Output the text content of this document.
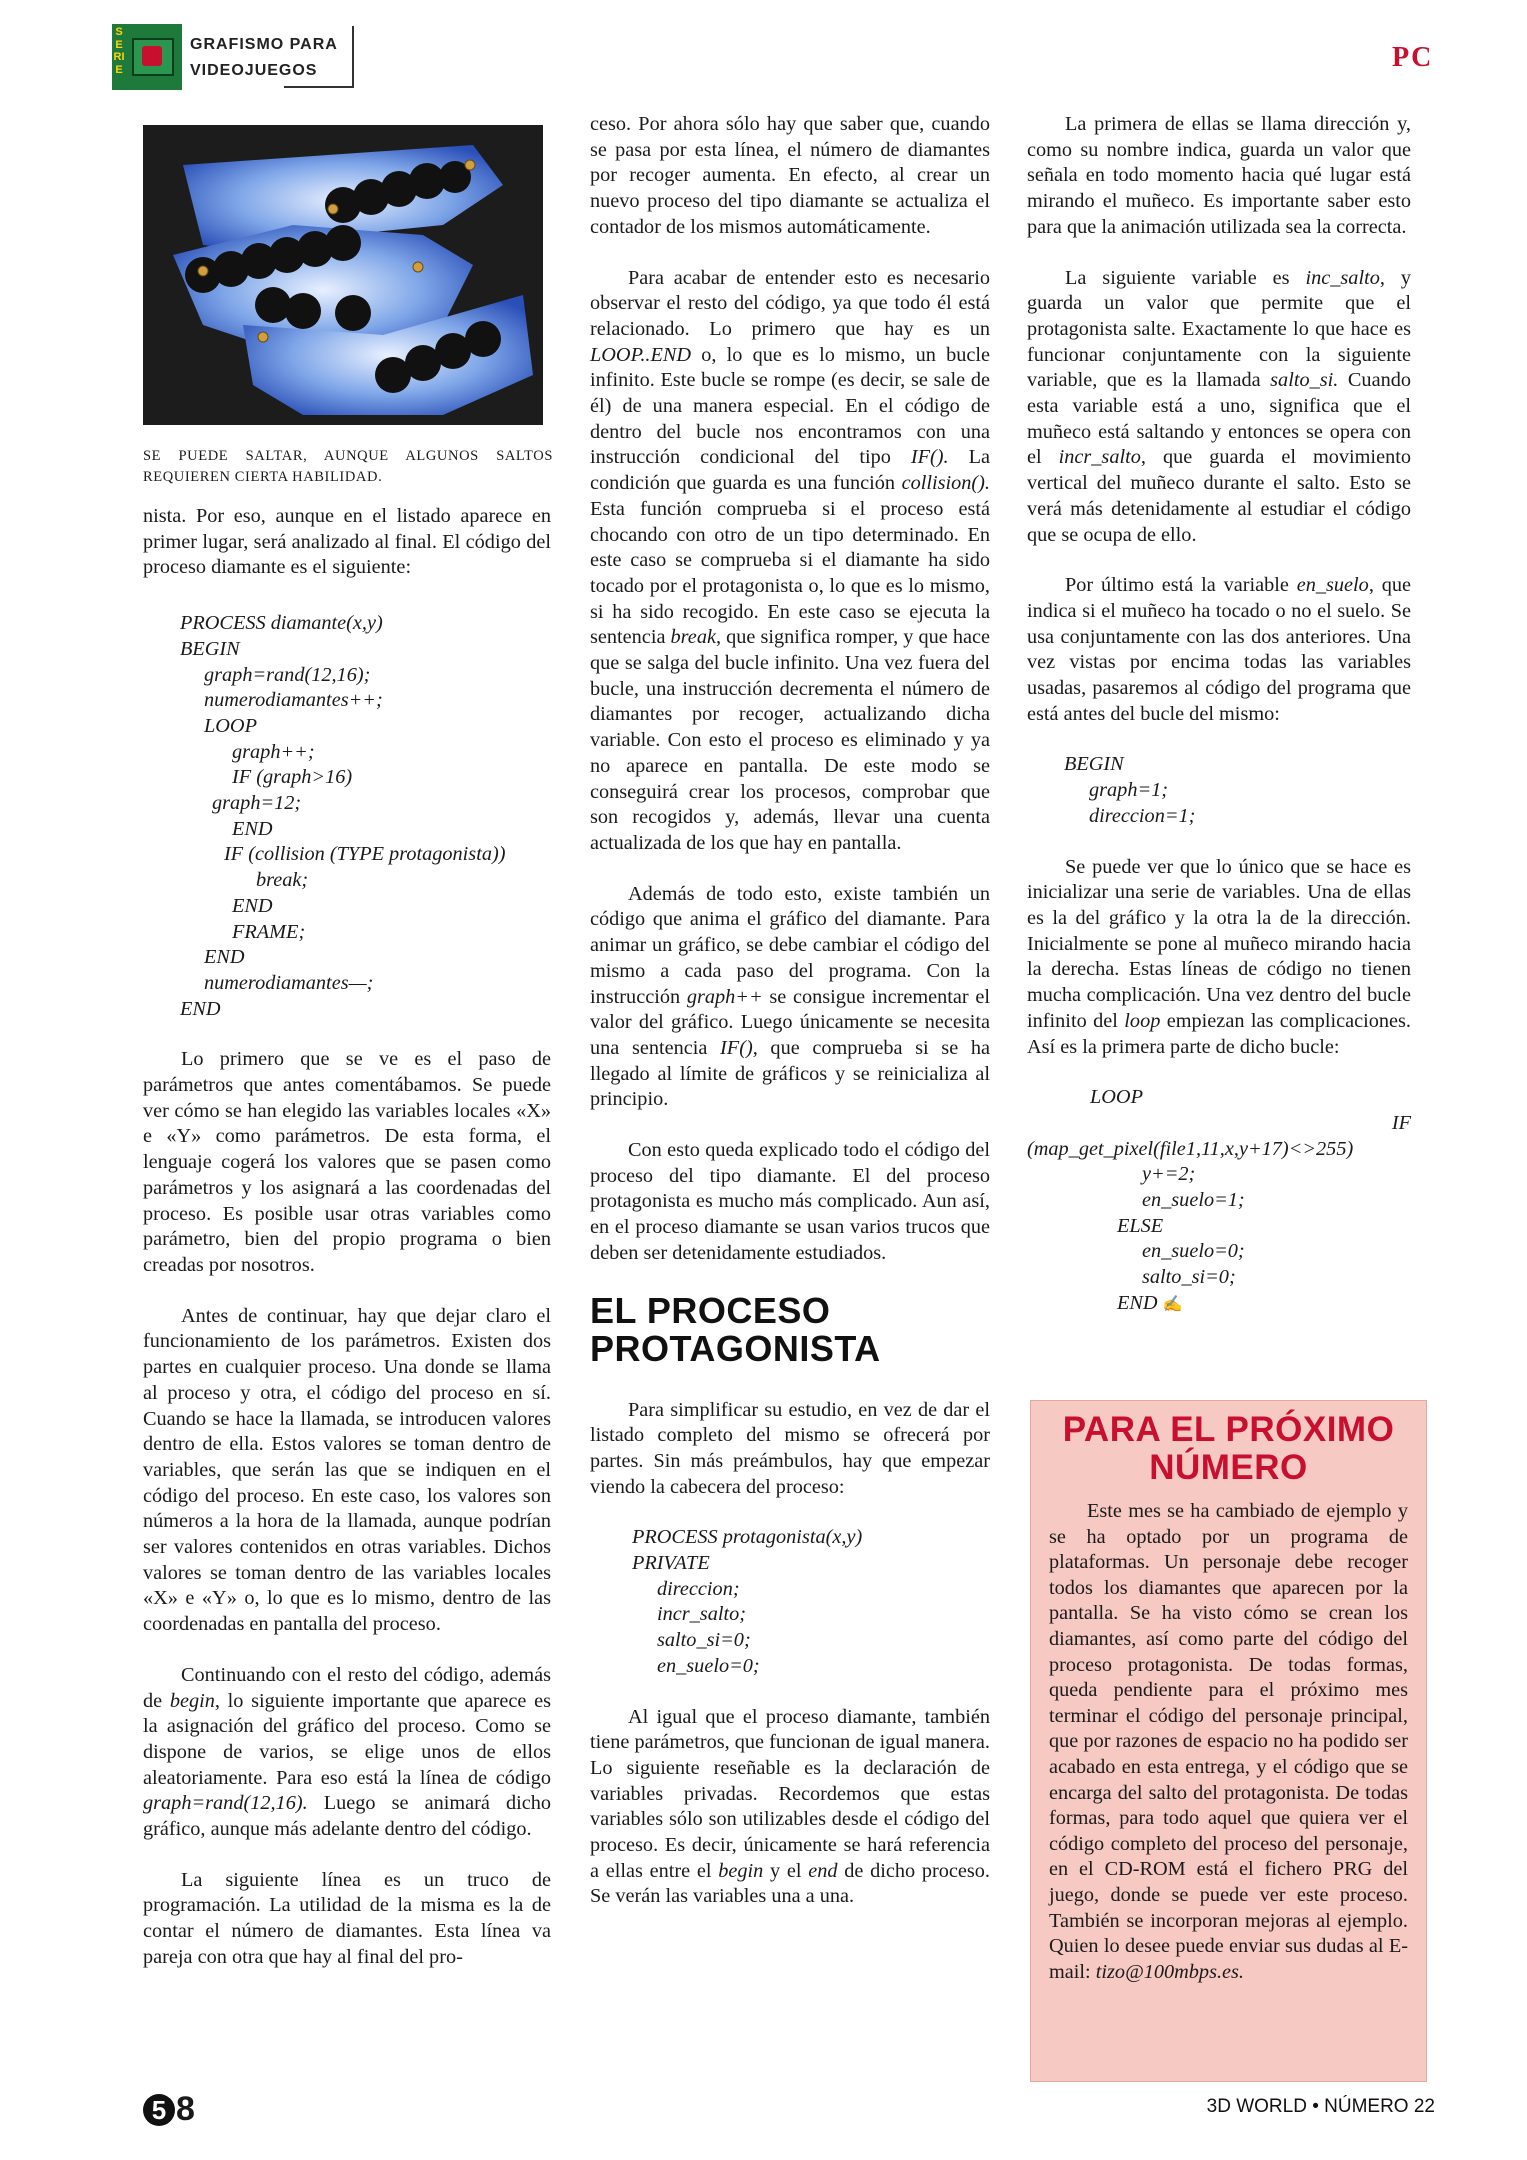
SERIE
GRAFISMO PARA
VIDEOJUEGOS	PC
SE PUEDE SALTAR, AUNQUE ALGUNOS SALTOS REQUIEREN CIERTA HABILIDAD.

nista. Por eso, aunque en el listado aparece en primer lugar, será analizado al final. El código del proceso diamante es el siguiente:

PROCESS diamante(x,y)
BEGIN
graph=rand(12,16);
numerodiamantes++;
LOOP
graph++;
IF (graph>16)
graph=12;
END
IF (collision (TYPE protagonista))
break;
END
FRAME;
END
numerodiamantes—;
END

Lo primero que se ve es el paso de parámetros que antes comentábamos. Se puede ver cómo se han elegido las variables locales «X» e «Y» como parámetros. De esta forma, el lenguaje cogerá los valores que se pasen como parámetros y los asignará a las coordenadas del proceso. Es posible usar otras variables como parámetro, bien del propio programa o bien creadas por nosotros.

Antes de continuar, hay que dejar claro el funcionamiento de los parámetros. Existen dos partes en cualquier proceso. Una donde se llama al proceso y otra, el código del proceso en sí. Cuando se hace la llamada, se introducen valores dentro de ella. Estos valores se toman dentro de variables, que serán las que se indiquen en el código del proceso. En este caso, los valores son números a la hora de la llamada, aunque podrían ser valores contenidos en otras variables. Dichos valores se toman dentro de las variables locales «X» e «Y» o, lo que es lo mismo, dentro de las coordenadas en pantalla del proceso.

Continuando con el resto del código, además de begin, lo siguiente importante que aparece es la asignación del gráfico del proceso. Como se dispone de varios, se elige unos de ellos aleatoriamente. Para eso está la línea de código graph=rand(12,16). Luego se animará dicho gráfico, aunque más adelante dentro del código.

La siguiente línea es un truco de programación. La utilidad de la misma es la de contar el número de diamantes. Esta línea va pareja con otra que hay al final del pro-

ceso. Por ahora sólo hay que saber que, cuando se pasa por esta línea, el número de diamantes por recoger aumenta. En efecto, al crear un nuevo proceso del tipo diamante se actualiza el contador de los mismos automáticamente.

Para acabar de entender esto es necesario observar el resto del código, ya que todo él está relacionado. Lo primero que hay es un LOOP..END o, lo que es lo mismo, un bucle infinito. Este bucle se rompe (es decir, se sale de él) de una manera especial. En el código de dentro del bucle nos encontramos con una instrucción condicional del tipo IF(). La condición que guarda es una función collision(). Esta función comprueba si el proceso está chocando con otro de un tipo determinado. En este caso se comprueba si el diamante ha sido tocado por el protagonista o, lo que es lo mismo, si ha sido recogido. En este caso se ejecuta la sentencia break, que significa romper, y que hace que se salga del bucle infinito. Una vez fuera del bucle, una instrucción decrementa el número de diamantes por recoger, actualizando dicha variable. Con esto el proceso es eliminado y ya no aparece en pantalla. De este modo se conseguirá crear los procesos, comprobar que son recogidos y, además, llevar una cuenta actualizada de los que hay en pantalla.

Además de todo esto, existe también un código que anima el gráfico del diamante. Para animar un gráfico, se debe cambiar el código del mismo a cada paso del programa. Con la instrucción graph++ se consigue incrementar el valor del gráfico. Luego únicamente se necesita una sentencia IF(), que comprueba si se ha llegado al límite de gráficos y se reinicializa al principio.

Con esto queda explicado todo el código del proceso del tipo diamante. El del proceso protagonista es mucho más complicado. Aun así, en el proceso diamante se usan varios trucos que deben ser detenidamente estudiados.

EL PROCESO
PROTAGONISTA

Para simplificar su estudio, en vez de dar el listado completo del mismo se ofrecerá por partes. Sin más preámbulos, hay que empezar viendo la cabecera del proceso:

PROCESS protagonista(x,y)
PRIVATE
direccion;
incr_salto;
salto_si=0;
en_suelo=0;

Al igual que el proceso diamante, también tiene parámetros, que funcionan de igual manera. Lo siguiente reseñable es la declaración de variables privadas. Recordemos que estas variables sólo son utilizables desde el código del proceso. Es decir, únicamente se hará referencia a ellas entre el begin y el end de dicho proceso. Se verán las variables una a una.

La primera de ellas se llama dirección y, como su nombre indica, guarda un valor que señala en todo momento hacia qué lugar está mirando el muñeco. Es importante saber esto para que la animación utilizada sea la correcta.

La siguiente variable es inc_salto, y guarda un valor que permite que el protagonista salte. Exactamente lo que hace es funcionar conjuntamente con la siguiente variable, que es la llamada salto_si. Cuando esta variable está a uno, significa que el muñeco está saltando y entonces se opera con el incr_salto, que guarda el movimiento vertical del muñeco durante el salto. Esto se verá más detenidamente al estudiar el código que se ocupa de ello.

Por último está la variable en_suelo, que indica si el muñeco ha tocado o no el suelo. Se usa conjuntamente con las dos anteriores. Una vez vistas por encima todas las variables usadas, pasaremos al código del programa que está antes del bucle del mismo:

BEGIN
graph=1;
direccion=1;

Se puede ver que lo único que se hace es inicializar una serie de variables. Una de ellas es la del gráfico y la otra la de la dirección. Inicialmente se pone al muñeco mirando hacia la derecha. Estas líneas de código no tienen mucha complicación. Una vez dentro del bucle infinito del loop empiezan las complicaciones. Así es la primera parte de dicho bucle:

LOOP
IF
(map_get_pixel(file1,11,x,y+17)<>255)
y+=2;
en_suelo=1;
ELSE
en_suelo=0;
salto_si=0;
END ✍
PARA EL PRÓXIMO
NÚMERO
Este mes se ha cambiado de ejemplo y se ha optado por un programa de plataformas. Un personaje debe recoger todos los diamantes que aparecen por la pantalla. Se ha visto cómo se crean los diamantes, así como parte del código del proceso protagonista. De todas formas, queda pendiente para el próximo mes terminar el código del personaje principal, que por razones de espacio no ha podido ser acabado en esta entrega, y el código que se encarga del salto del protagonista. De todas formas, para todo aquel que quiera ver el código completo del proceso del personaje, en el CD-ROM está el fichero PRG del juego, donde se puede ver este proceso. También se incorporan mejoras al ejemplo. Quien lo desee puede enviar sus dudas al E-mail: tizo@100mbps.es.
5 8	3D WORLD • NÚMERO 22
